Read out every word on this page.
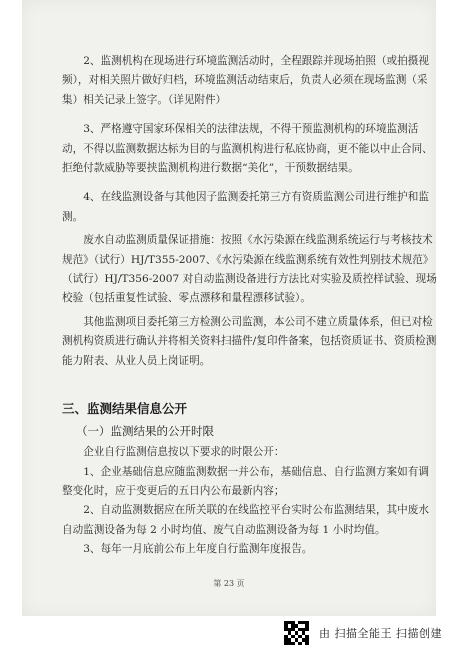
2、监测机构在现场进行环境监测活动时，全程跟踪并现场拍照（或拍摄视频），对相关照片做好归档，环境监测活动结束后，负责人必须在现场监测（采集）相关记录上签字。（详见附件）

3、严格遵守国家环保相关的法律法规，不得干预监测机构的环境监测活动，不得以监测数据达标为目的与监测机构进行私底协商，更不能以中止合同、拒绝付款威胁等要挟监测机构进行数据“美化”，干预数据结果。

4、在线监测设备与其他因子监测委托第三方有资质监测公司进行维护和监测。

废水自动监测质量保证措施：按照《水污染源在线监测系统运行与考核技术规范》（试行）HJ/T355-2007、《水污染源在线监测系统有效性判别技术规范》（试行）HJ/T356-2007 对自动监测设备进行方法比对实验及质控样试验、现场校验（包括重复性试验、零点漂移和量程漂移试验）。

其他监测项目委托第三方检测公司监测，本公司不建立质量体系，但已对检测机构资质进行确认并将相关资料扫描件/复印件备案，包括资质证书、资质检测能力附表、从业人员上岗证明。

三、监测结果信息公开
（一）监测结果的公开时限

企业自行监测信息按以下要求的时限公开：

1、企业基础信息应随监测数据一并公布，基础信息、自行监测方案如有调整变化时，应于变更后的五日内公布最新内容；

2、自动监测数据应在所关联的在线监控平台实时公布监测结果，其中废水自动监测设备为每 2 小时均值、废气自动监测设备为每 1 小时均值。

3、每年一月底前公布上年度自行监测年度报告。

第 23 页
由 扫描全能王 扫描创建
